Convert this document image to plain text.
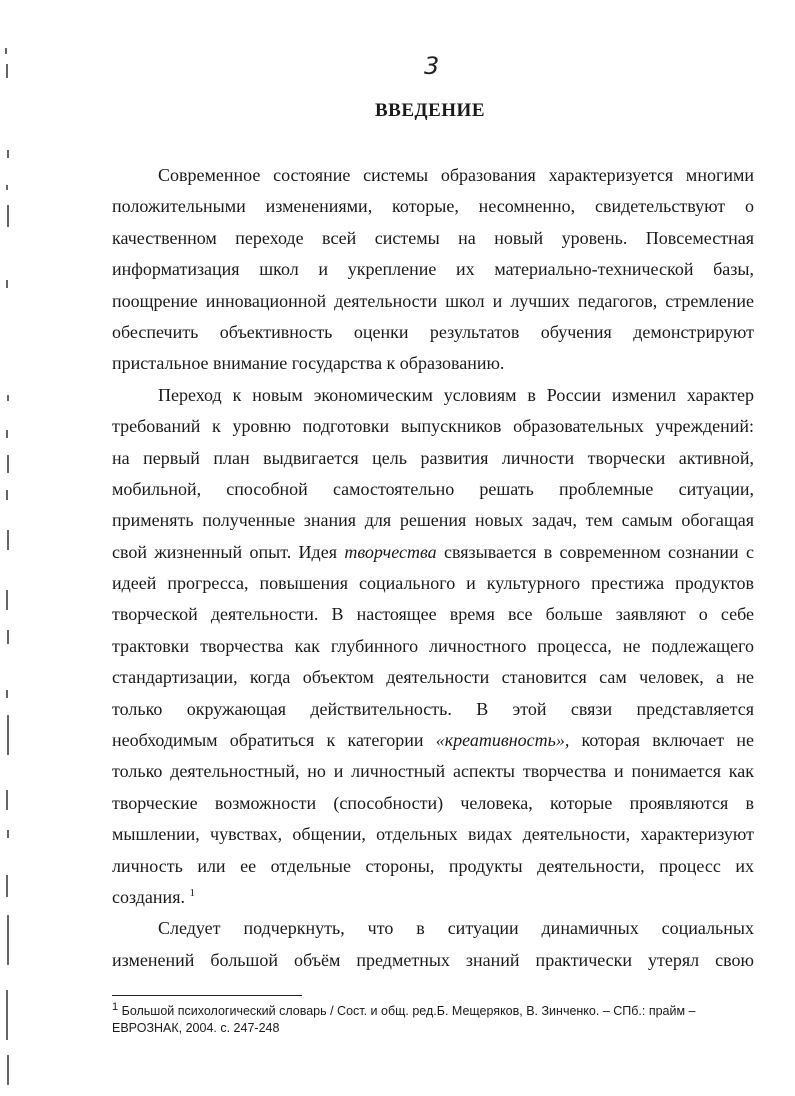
3
ВВЕДЕНИЕ
Современное состояние системы образования характеризуется многими
положительными изменениями, которые, несомненно, свидетельствуют о
качественном переходе всей системы на новый уровень. Повсеместная
информатизация школ и укрепление их материально-технической базы,
поощрение инновационной деятельности школ и лучших педагогов, стремление
обеспечить объективность оценки результатов обучения демонстрируют
пристальное внимание государства к образованию.
Переход к новым экономическим условиям в России изменил характер
требований к уровню подготовки выпускников образовательных учреждений:
на первый план выдвигается цель развития личности творчески активной,
мобильной, способной самостоятельно решать проблемные ситуации,
применять полученные знания для решения новых задач, тем самым обогащая
свой жизненный опыт. Идея творчества связывается в современном сознании с
идеей прогресса, повышения социального и культурного престижа продуктов
творческой деятельности. В настоящее время все больше заявляют о себе
трактовки творчества как глубинного личностного процесса, не подлежащего
стандартизации, когда объектом деятельности становится сам человек, а не
только окружающая действительность. В этой связи представляется
необходимым обратиться к категории «креативность», которая включает не
только деятельностный, но и личностный аспекты творчества и понимается как
творческие возможности (способности) человека, которые проявляются в
мышлении, чувствах, общении, отдельных видах деятельности, характеризуют
личность или ее отдельные стороны, продукты деятельности, процесс их
создания. $^1$
Следует подчеркнуть, что в ситуации динамичных социальных
изменений большой объём предметных знаний практически утерял свою
$^1$ Большой психологический словарь / Сост. и общ. ред.Б. Мещеряков, В. Зинченко. – СПб.: прайм –
ЕВРОЗНАК, 2004. с. 247-248
